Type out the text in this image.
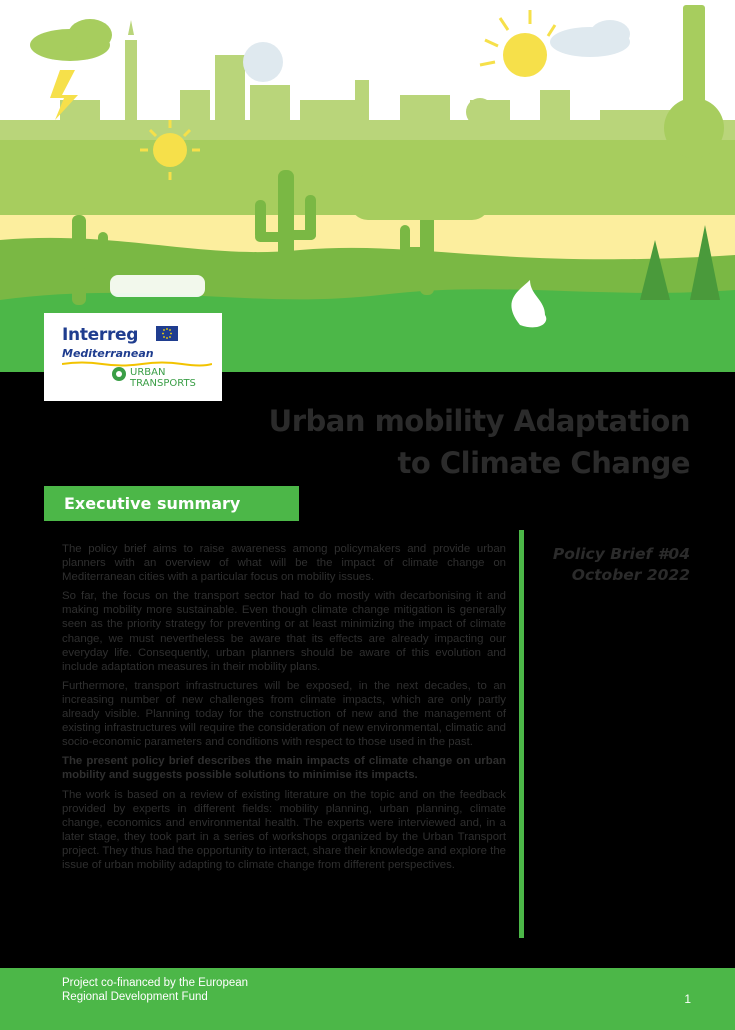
Interreg
Mediterranean
URBAN
TRANSPORTS
Urban mobility Adaptation
to Climate Change
Executive summary

The policy brief aims to raise awareness among policymakers and provide urban planners with an overview of what will be the impact of climate change on Mediterranean cities with a particular focus on mobility issues.

So far, the focus on the transport sector had to do mostly with decarbonising it and making mobility more sustainable. Even though climate change mitigation is generally seen as the priority strategy for preventing or at least minimizing the impact of climate change, we must nevertheless be aware that its effects are already impacting our everyday life. Consequently, urban planners should be aware of this evolution and include adaptation measures in their mobility plans.

Furthermore, transport infrastructures will be exposed, in the next decades, to an increasing number of new challenges from climate impacts, which are only partly already visible. Planning today for the construction of new and the management of existing infrastructures will require the consideration of new environmental, climatic and socio-economic parameters and conditions with respect to those used in the past.

The present policy brief describes the main impacts of climate change on urban mobility and suggests possible solutions to minimise its impacts.

The work is based on a review of existing literature on the topic and on the feedback provided by experts in different fields: mobility planning, urban planning, climate change, economics and environmental health. The experts were interviewed and, in a later stage, they took part in a series of workshops organized by the Urban Transport project. They thus had the opportunity to interact, share their knowledge and explore the issue of urban mobility adapting to climate change from different perspectives.

Policy Brief #04
October 2022
Project co-financed by the European
Regional Development Fund	1
